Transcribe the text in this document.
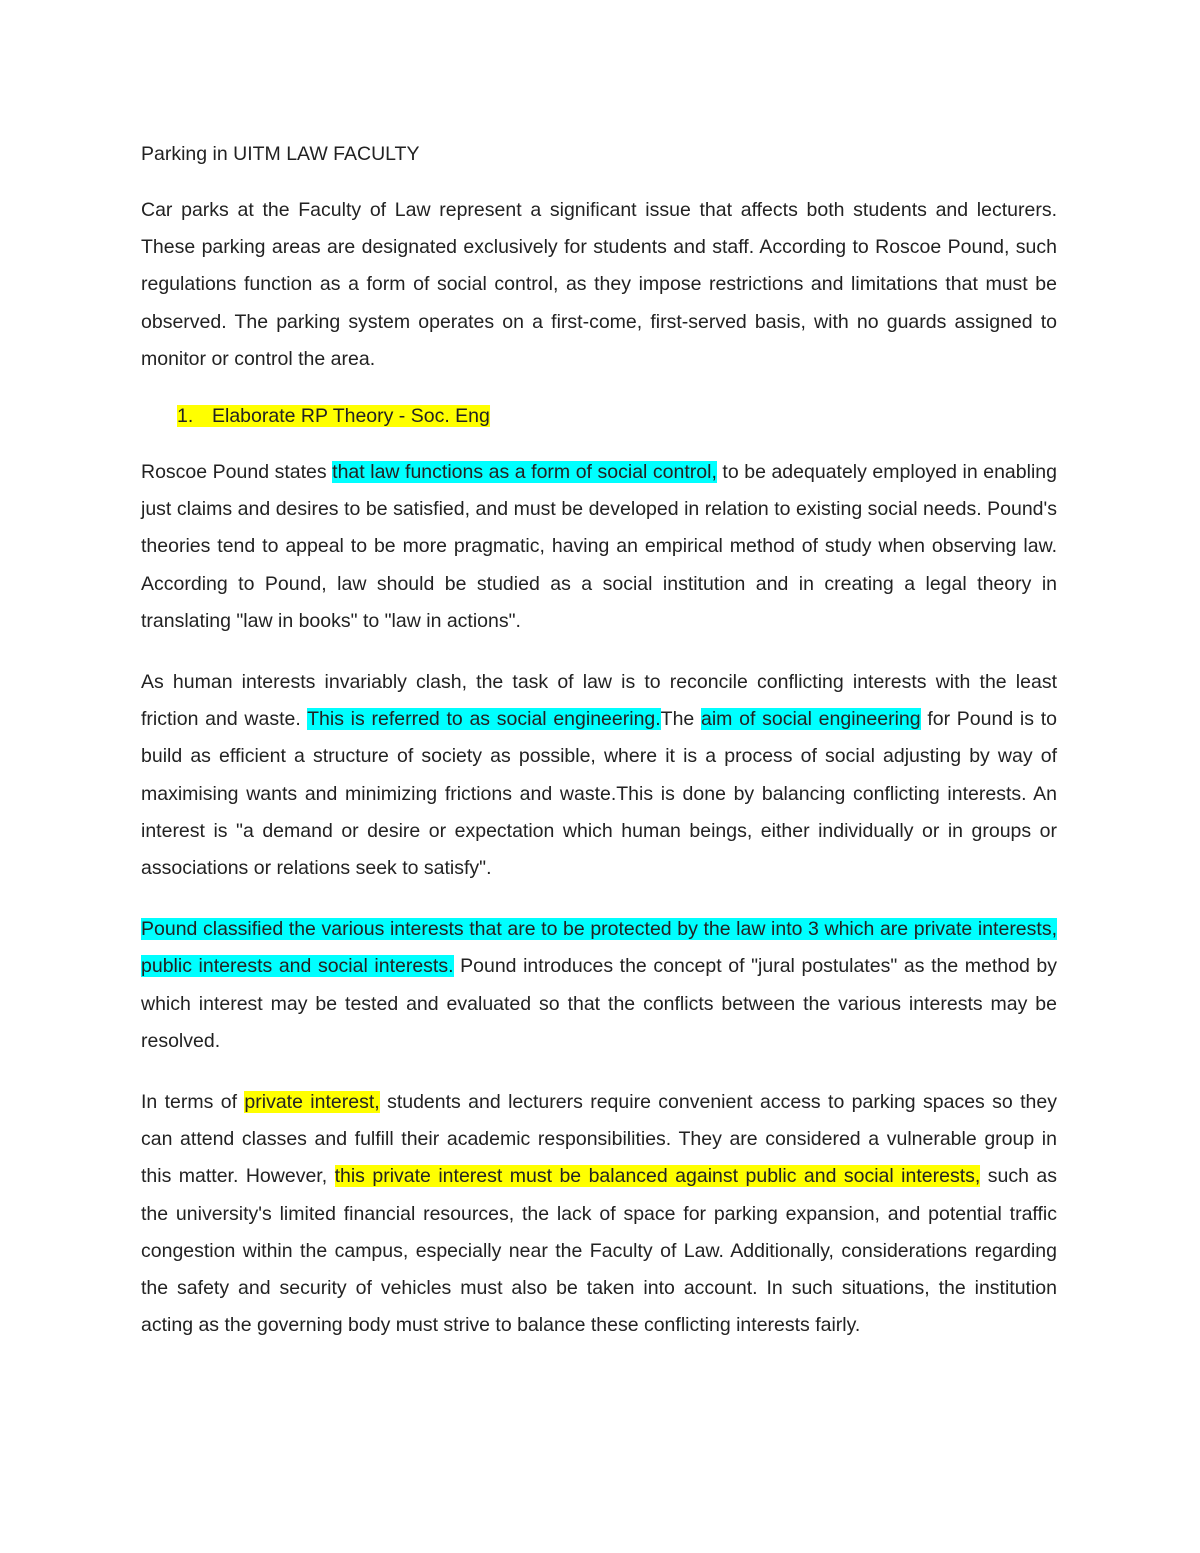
Parking in UITM LAW FACULTY

Car parks at the Faculty of Law represent a significant issue that affects both students and lecturers. These parking areas are designated exclusively for students and staff. According to Roscoe Pound, such regulations function as a form of social control, as they impose restrictions and limitations that must be observed. The parking system operates on a first-come, first-served basis, with no guards assigned to monitor or control the area.

1. Elaborate RP Theory - Soc. Eng

Roscoe Pound states that law functions as a form of social control, to be adequately employed in enabling just claims and desires to be satisfied, and must be developed in relation to existing social needs. Pound's theories tend to appeal to be more pragmatic, having an empirical method of study when observing law. According to Pound, law should be studied as a social institution and in creating a legal theory in translating "law in books" to "law in actions".

As human interests invariably clash, the task of law is to reconcile conflicting interests with the least friction and waste. This is referred to as social engineering.The aim of social engineering for Pound is to build as efficient a structure of society as possible, where it is a process of social adjusting by way of maximising wants and minimizing frictions and waste.This is done by balancing conflicting interests. An interest is "a demand or desire or expectation which human beings, either individually or in groups or associations or relations seek to satisfy".

Pound classified the various interests that are to be protected by the law into 3 which are private interests, public interests and social interests. Pound introduces the concept of "jural postulates" as the method by which interest may be tested and evaluated so that the conflicts between the various interests may be resolved.

In terms of private interest, students and lecturers require convenient access to parking spaces so they can attend classes and fulfill their academic responsibilities. They are considered a vulnerable group in this matter. However, this private interest must be balanced against public and social interests, such as the university's limited financial resources, the lack of space for parking expansion, and potential traffic congestion within the campus, especially near the Faculty of Law. Additionally, considerations regarding the safety and security of vehicles must also be taken into account. In such situations, the institution acting as the governing body must strive to balance these conflicting interests fairly.
